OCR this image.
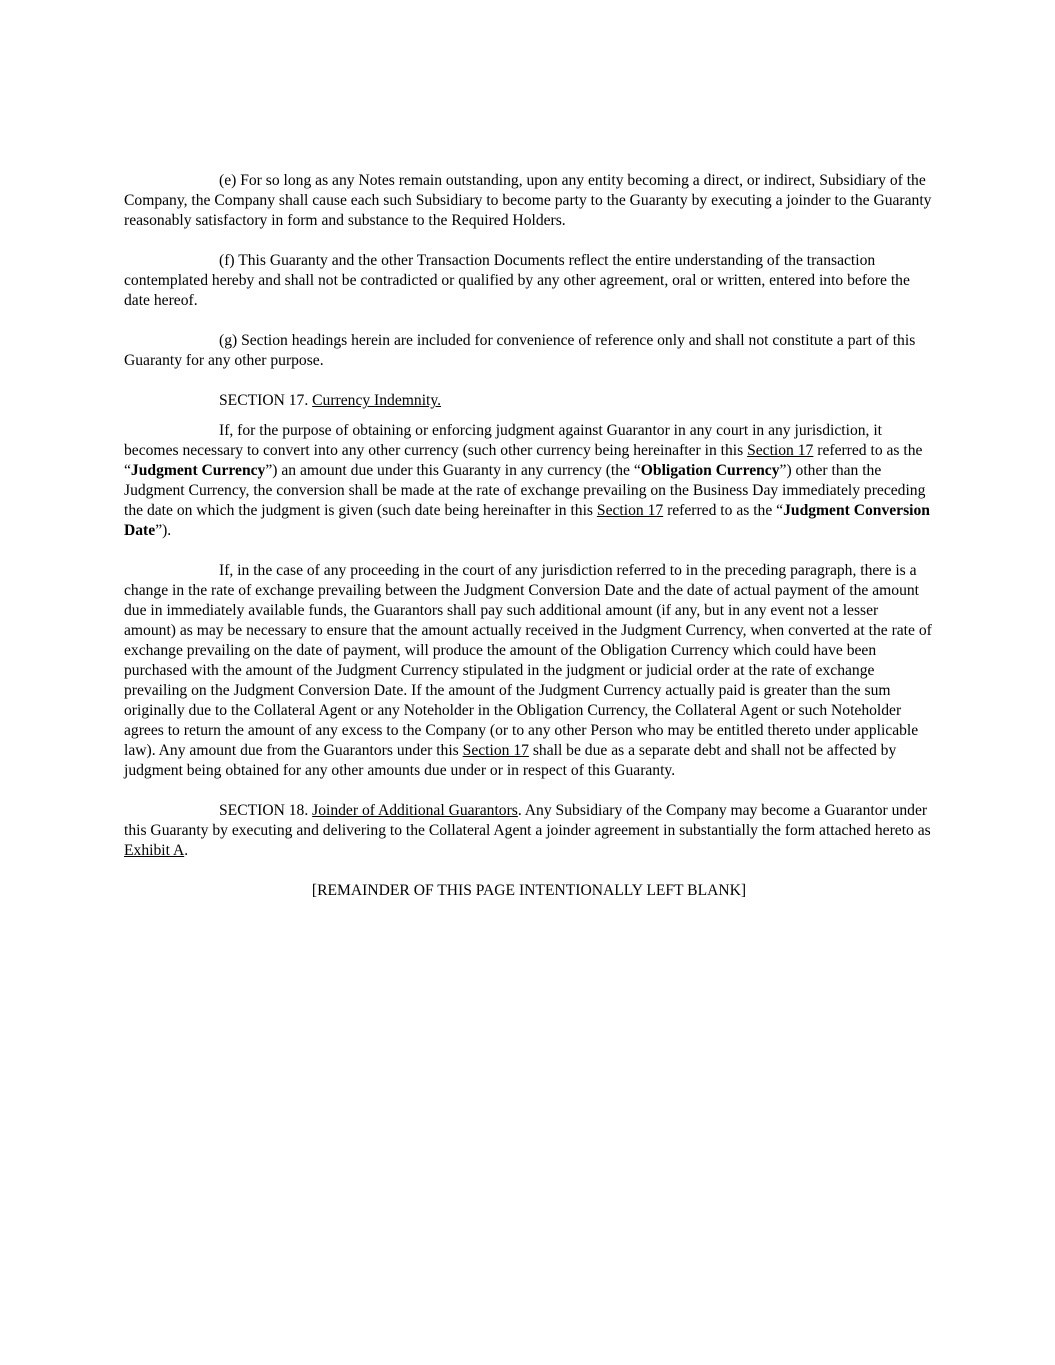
(e) For so long as any Notes remain outstanding, upon any entity becoming a direct, or indirect, Subsidiary of the Company, the Company shall cause each such Subsidiary to become party to the Guaranty by executing a joinder to the Guaranty reasonably satisfactory in form and substance to the Required Holders.

(f) This Guaranty and the other Transaction Documents reflect the entire understanding of the transaction contemplated hereby and shall not be contradicted or qualified by any other agreement, oral or written, entered into before the date hereof.

(g) Section headings herein are included for convenience of reference only and shall not constitute a part of this Guaranty for any other purpose.

SECTION 17. Currency Indemnity.

If, for the purpose of obtaining or enforcing judgment against Guarantor in any court in any jurisdiction, it becomes necessary to convert into any other currency (such other currency being hereinafter in this Section 17 referred to as the “Judgment Currency”) an amount due under this Guaranty in any currency (the “Obligation Currency”) other than the Judgment Currency, the conversion shall be made at the rate of exchange prevailing on the Business Day immediately preceding the date on which the judgment is given (such date being hereinafter in this Section 17 referred to as the “Judgment Conversion Date”).

If, in the case of any proceeding in the court of any jurisdiction referred to in the preceding paragraph, there is a change in the rate of exchange prevailing between the Judgment Conversion Date and the date of actual payment of the amount due in immediately available funds, the Guarantors shall pay such additional amount (if any, but in any event not a lesser amount) as may be necessary to ensure that the amount actually received in the Judgment Currency, when converted at the rate of exchange prevailing on the date of payment, will produce the amount of the Obligation Currency which could have been purchased with the amount of the Judgment Currency stipulated in the judgment or judicial order at the rate of exchange prevailing on the Judgment Conversion Date. If the amount of the Judgment Currency actually paid is greater than the sum originally due to the Collateral Agent or any Noteholder in the Obligation Currency, the Collateral Agent or such Noteholder agrees to return the amount of any excess to the Company (or to any other Person who may be entitled thereto under applicable law). Any amount due from the Guarantors under this Section 17 shall be due as a separate debt and shall not be affected by judgment being obtained for any other amounts due under or in respect of this Guaranty.

SECTION 18. Joinder of Additional Guarantors. Any Subsidiary of the Company may become a Guarantor under this Guaranty by executing and delivering to the Collateral Agent a joinder agreement in substantially the form attached hereto as Exhibit A.

[REMAINDER OF THIS PAGE INTENTIONALLY LEFT BLANK]
